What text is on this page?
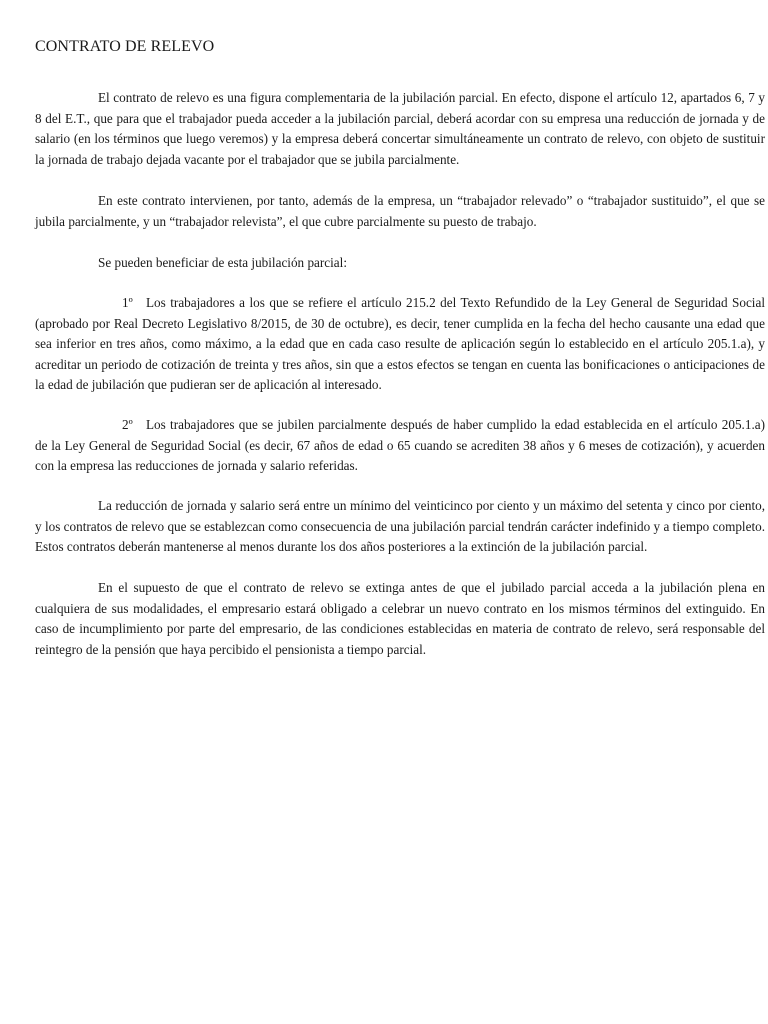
CONTRATO DE RELEVO

El contrato de relevo es una figura complementaria de la jubilación parcial. En efecto, dispone el artículo 12, apartados 6, 7 y 8 del E.T., que para que el trabajador pueda acceder a la jubilación parcial, deberá acordar con su empresa una reducción de jornada y de salario (en los términos que luego veremos) y la empresa deberá concertar simultáneamente un contrato de relevo, con objeto de sustituir la jornada de trabajo dejada vacante por el trabajador que se jubila parcialmente.

En este contrato intervienen, por tanto, además de la empresa, un “trabajador relevado” o “trabajador sustituido”, el que se jubila parcialmente, y un “trabajador relevista”, el que cubre parcialmente su puesto de trabajo.

Se pueden beneficiar de esta jubilación parcial:

1º Los trabajadores a los que se refiere el artículo 215.2 del Texto Refundido de la Ley General de Seguridad Social (aprobado por Real Decreto Legislativo 8/2015, de 30 de octubre), es decir, tener cumplida en la fecha del hecho causante una edad que sea inferior en tres años, como máximo, a la edad que en cada caso resulte de aplicación según lo establecido en el artículo 205.1.a), y acreditar un periodo de cotización de treinta y tres años, sin que a estos efectos se tengan en cuenta las bonificaciones o anticipaciones de la edad de jubilación que pudieran ser de aplicación al interesado.

2º Los trabajadores que se jubilen parcialmente después de haber cumplido la edad establecida en el artículo 205.1.a) de la Ley General de Seguridad Social (es decir, 67 años de edad o 65 cuando se acrediten 38 años y 6 meses de cotización), y acuerden con la empresa las reducciones de jornada y salario referidas.

La reducción de jornada y salario será entre un mínimo del veinticinco por ciento y un máximo del setenta y cinco por ciento, y los contratos de relevo que se establezcan como consecuencia de una jubilación parcial tendrán carácter indefinido y a tiempo completo. Estos contratos deberán mantenerse al menos durante los dos años posteriores a la extinción de la jubilación parcial.

En el supuesto de que el contrato de relevo se extinga antes de que el jubilado parcial acceda a la jubilación plena en cualquiera de sus modalidades, el empresario estará obligado a celebrar un nuevo contrato en los mismos términos del extinguido. En caso de incumplimiento por parte del empresario, de las condiciones establecidas en materia de contrato de relevo, será responsable del reintegro de la pensión que haya percibido el pensionista a tiempo parcial.
